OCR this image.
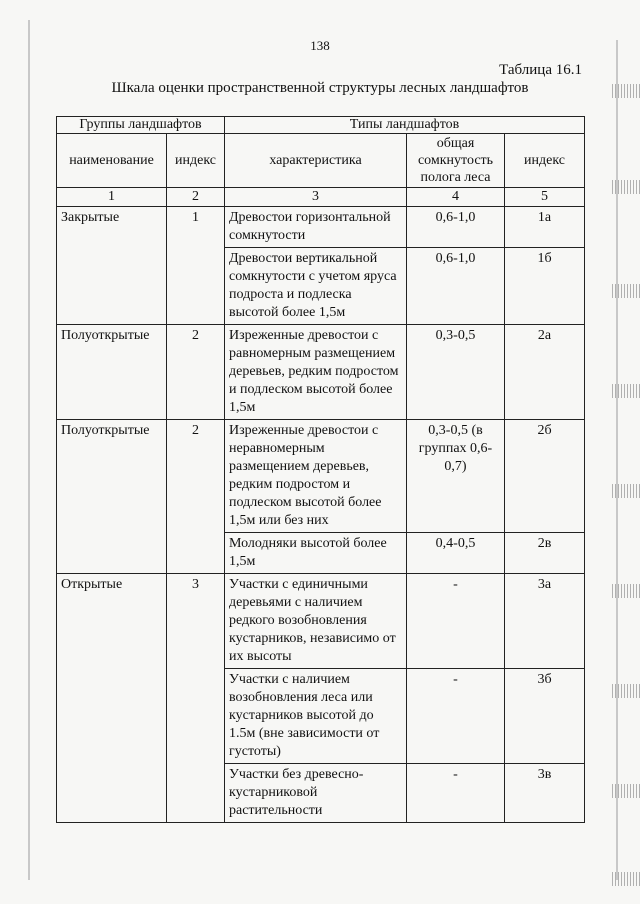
138
Таблица 16.1
Шкала оценки пространственной структуры лесных ландшафтов
Группы ландшафтов		Типы ландшафтов		
наименование	индекс	характеристика	общая сомкнутость полога леса	индекс
1	2	3	4	5
Закрытые	1	Древостои горизонтальной сомкнутости	0,6-1,0	1а
		Древостои вертикальной сомкнутости с учетом яруса подроста и подлеска высотой более 1,5м	0,6-1,0	1б
Полуоткрытые	2	Изреженные древостои с равномерным размещением деревьев, редким подростом и подлеском высотой более 1,5м	0,3-0,5	2а
Полуоткрытые	2	Изреженные древостои с неравномерным размещением деревьев, редким подростом и подлеском высотой более 1,5м или без них	0,3-0,5 (в группах 0,6-0,7)	2б
		Молодняки высотой более 1,5м	0,4-0,5	2в
Открытые	3	Участки с единичными деревьями с наличием редкого возобновления кустарников, независимо от их высоты	-	3а
		Участки с наличием возобновления леса или кустарников высотой до 1.5м (вне зависимости от густоты)	-	3б
		Участки без древесно-кустарниковой растительности	-	3в
